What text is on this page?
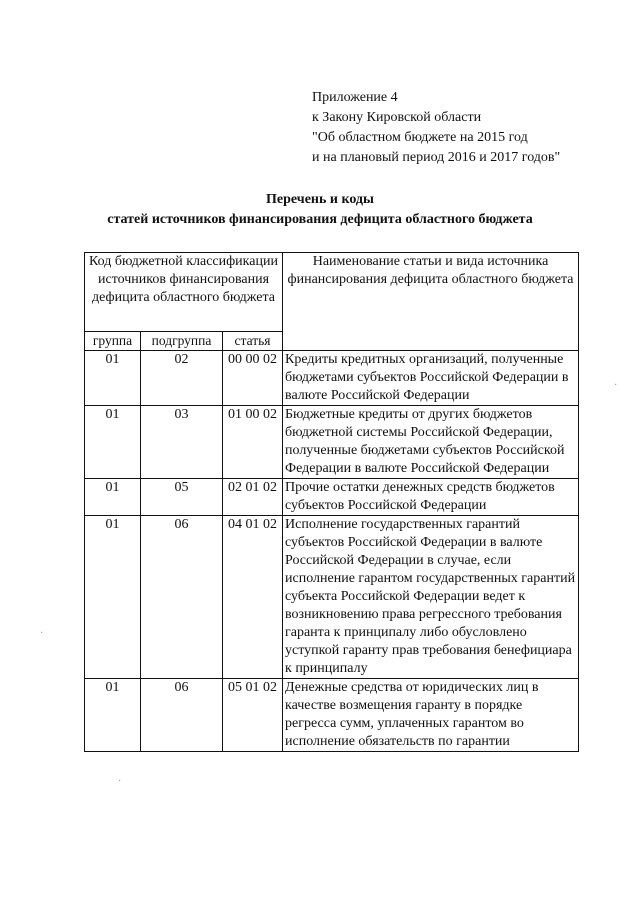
Приложение 4
к Закону Кировской области
"Об областном бюджете на 2015 год
и на плановый период 2016 и 2017 годов"
Перечень и коды
статей источников финансирования дефицита областного бюджета
Код бюджетной классификации источников финансирования дефицита областного бюджета			Наименование статьи и вида источника финансирования дефицита областного бюджета
группа	подгруппа	статья	
01	02	00 00 02	Кредиты кредитных организаций, полученные бюджетами субъектов Российской Федерации в валюте Российской Федерации
01	03	01 00 02	Бюджетные кредиты от других бюджетов бюджетной системы Российской Федерации, полученные бюджетами субъектов Российской Федерации в валюте Российской Федерации
01	05	02 01 02	Прочие остатки денежных средств бюджетов субъектов Российской Федерации
01	06	04 01 02	Исполнение государственных гарантий субъектов Российской Федерации в валюте Российской Федерации в случае, если исполнение гарантом государственных гарантий субъекта Российской Федерации ведет к возникновению права регрессного требования гаранта к принципалу либо обусловлено уступкой гаранту прав требования бенефициара к принципалу
01	06	05 01 02	Денежные средства от юридических лиц в качестве возмещения гаранту в порядке регресса сумм, уплаченных гарантом во исполнение обязательств по гарантии
·
·
·
